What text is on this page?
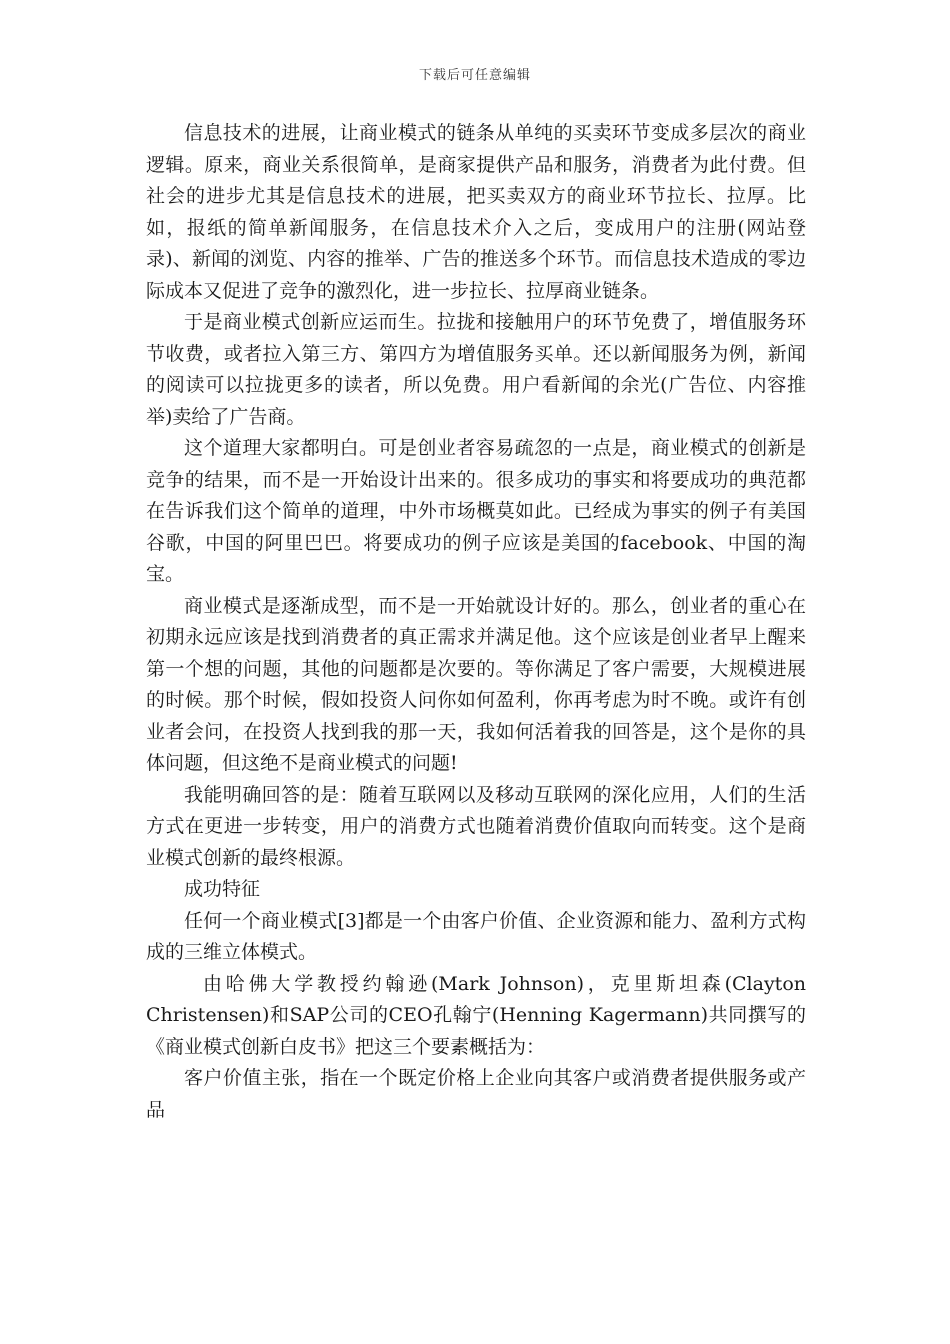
下载后可任意编辑

信息技术的进展，让商业模式的链条从单纯的买卖环节变成多层次的商业逻辑。原来，商业关系很简单，是商家提供产品和服务，消费者为此付费。但社会的进步尤其是信息技术的进展，把买卖双方的商业环节拉长、拉厚。比如，报纸的简单新闻服务，在信息技术介入之后，变成用户的注册(网站登录)、新闻的浏览、内容的推举、广告的推送多个环节。而信息技术造成的零边际成本又促进了竞争的激烈化，进一步拉长、拉厚商业链条。

于是商业模式创新应运而生。拉拢和接触用户的环节免费了，增值服务环节收费，或者拉入第三方、第四方为增值服务买单。还以新闻服务为例，新闻的阅读可以拉拢更多的读者，所以免费。用户看新闻的余光(广告位、内容推举)卖给了广告商。

这个道理大家都明白。可是创业者容易疏忽的一点是，商业模式的创新是竞争的结果，而不是一开始设计出来的。很多成功的事实和将要成功的典范都在告诉我们这个简单的道理，中外市场概莫如此。已经成为事实的例子有美国谷歌，中国的阿里巴巴。将要成功的例子应该是美国的facebook、中国的淘宝。

商业模式是逐渐成型，而不是一开始就设计好的。那么，创业者的重心在初期永远应该是找到消费者的真正需求并满足他。这个应该是创业者早上醒来第一个想的问题，其他的问题都是次要的。等你满足了客户需要，大规模进展的时候。那个时候，假如投资人问你如何盈利，你再考虑为时不晚。或许有创业者会问，在投资人找到我的那一天，我如何活着我的回答是，这个是你的具体问题，但这绝不是商业模式的问题!

我能明确回答的是：随着互联网以及移动互联网的深化应用，人们的生活方式在更进一步转变，用户的消费方式也随着消费价值取向而转变。这个是商业模式创新的最终根源。

成功特征

任何一个商业模式[3]都是一个由客户价值、企业资源和能力、盈利方式构成的三维立体模式。

由哈佛大学教授约翰逊(Mark Johnson)，克里斯坦森(Clayton Christensen)和SAP公司的CEO孔翰宁(Henning Kagermann)共同撰写的《商业模式创新白皮书》把这三个要素概括为：

客户价值主张，指在一个既定价格上企业向其客户或消费者提供服务或产品
